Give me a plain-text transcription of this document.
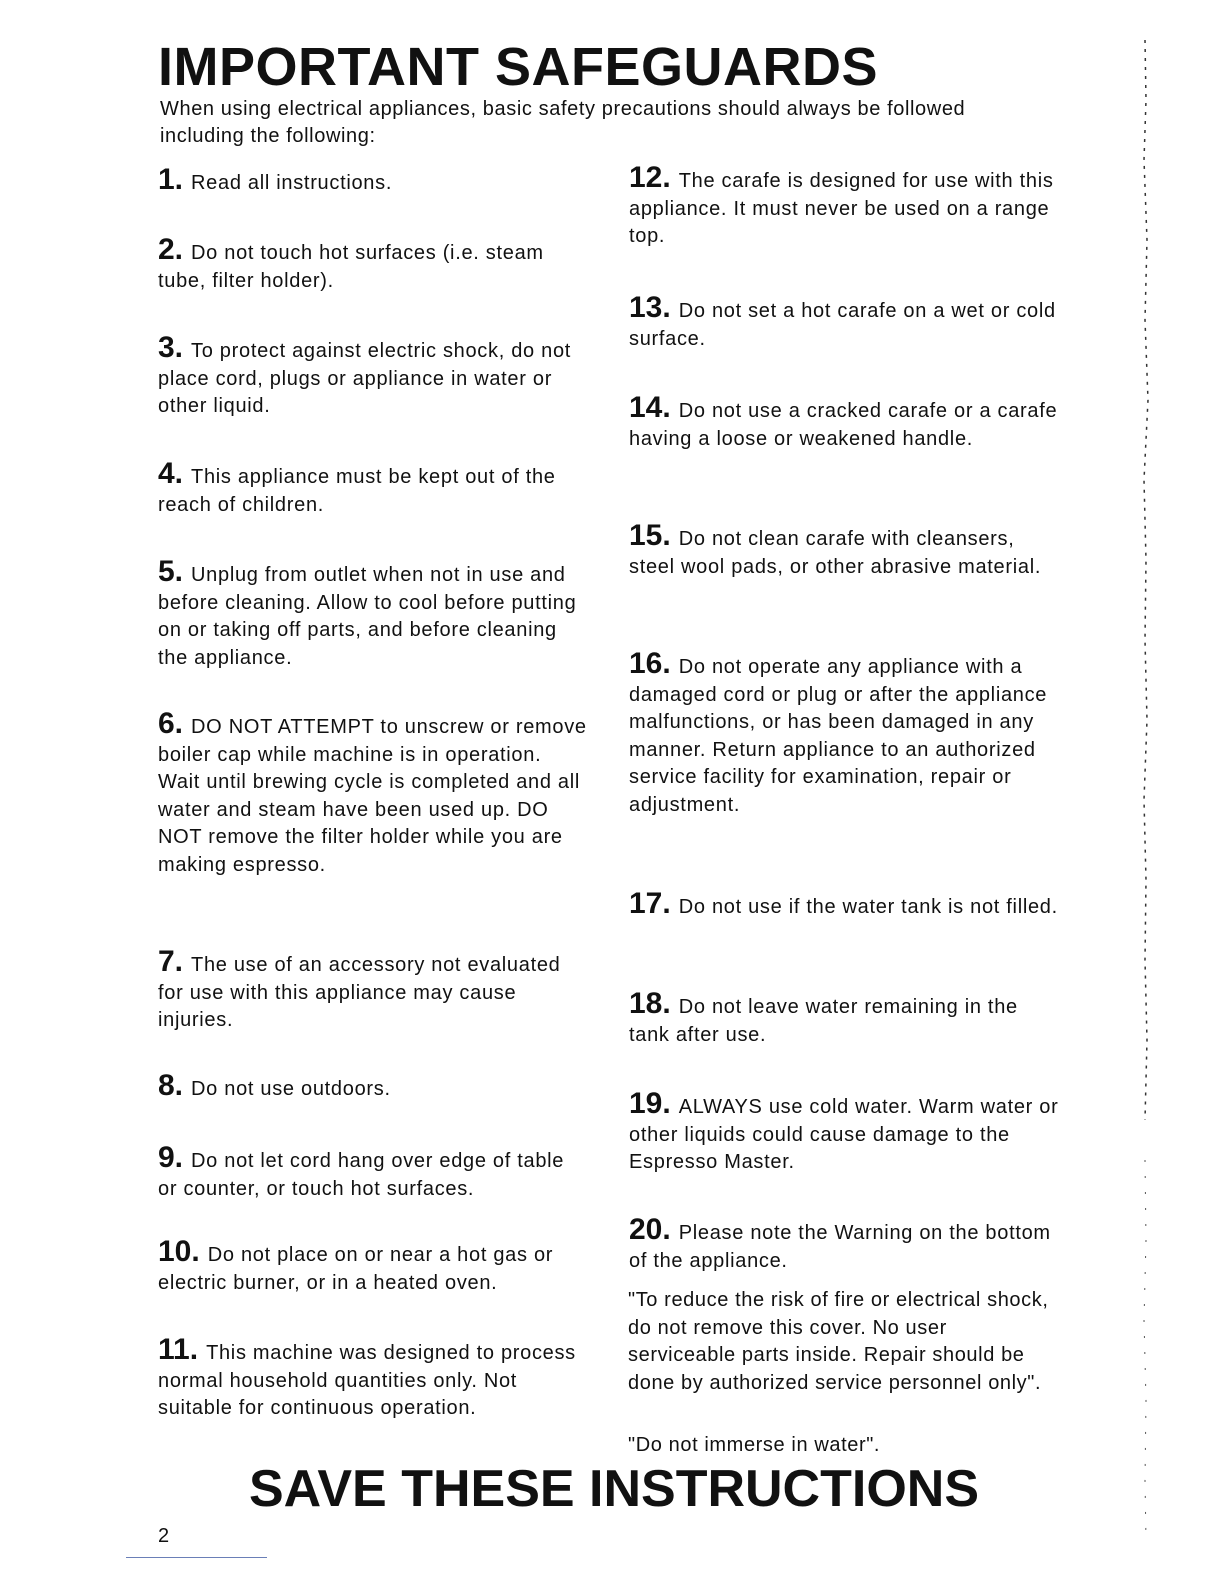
IMPORTANT SAFEGUARDS

When using electrical appliances, basic safety precautions should always be followed including the following:

1. Read all instructions.

2. Do not touch hot surfaces (i.e. steam tube, filter holder).

3. To protect against electric shock, do not place cord, plugs or appliance in water or other liquid.

4. This appliance must be kept out of the reach of children.

5. Unplug from outlet when not in use and before cleaning. Allow to cool before putting on or taking off parts, and before cleaning the appliance.

6. DO NOT ATTEMPT to unscrew or remove boiler cap while machine is in operation. Wait until brewing cycle is completed and all water and steam have been used up. DO NOT remove the filter holder while you are making espresso.

7. The use of an accessory not evaluated for use with this appliance may cause injuries.

8. Do not use outdoors.

9. Do not let cord hang over edge of table or counter, or touch hot surfaces.

10. Do not place on or near a hot gas or electric burner, or in a heated oven.

11. This machine was designed to process normal household quantities only. Not suitable for continuous operation.

12. The carafe is designed for use with this appliance. It must never be used on a range top.

13. Do not set a hot carafe on a wet or cold surface.

14. Do not use a cracked carafe or a carafe having a loose or weakened handle.

15. Do not clean carafe with cleansers, steel wool pads, or other abrasive material.

16. Do not operate any appliance with a damaged cord or plug or after the appliance malfunctions, or has been damaged in any manner. Return appliance to an authorized service facility for examination, repair or adjustment.

17. Do not use if the water tank is not filled.

18. Do not leave water remaining in the tank after use.

19. ALWAYS use cold water. Warm water or other liquids could cause damage to the Espresso Master.

20. Please note the Warning on the bottom of the appliance.

"To reduce the risk of fire or electrical shock, do not remove this cover. No user serviceable parts inside. Repair should be done by authorized service personnel only".

"Do not immerse in water".

SAVE THESE INSTRUCTIONS
2
